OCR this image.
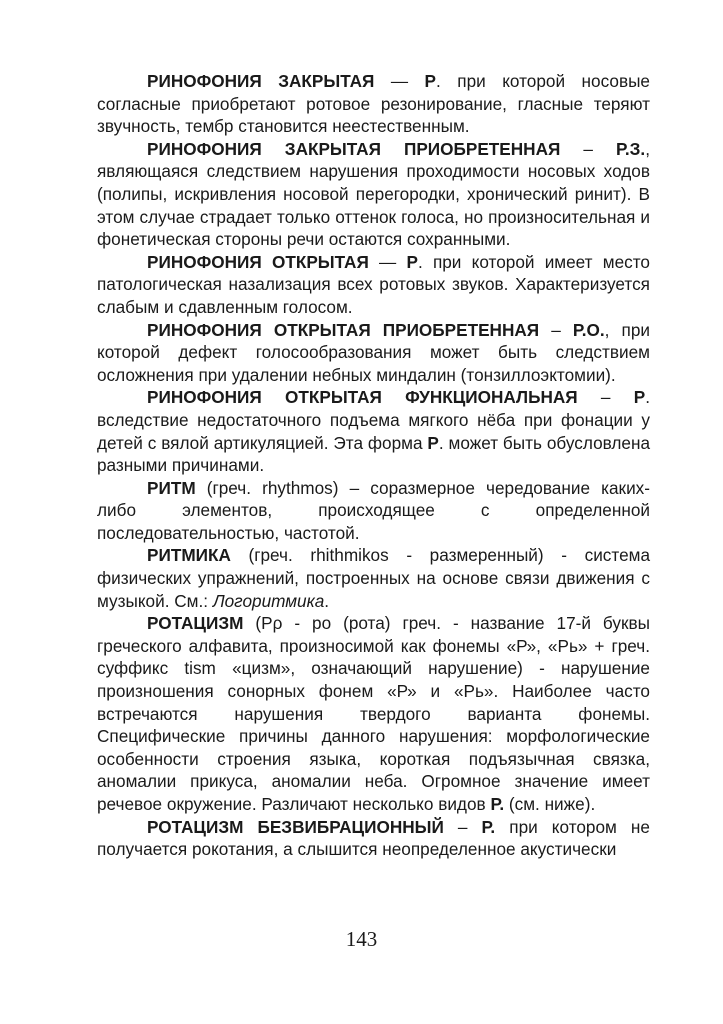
РИНОФОНИЯ ЗАКРЫТАЯ — Р. при которой носовые согласные приобретают ротовое резонирование, гласные теряют звучность, тембр становится неестественным.

РИНОФОНИЯ ЗАКРЫТАЯ ПРИОБРЕТЕННАЯ – Р.З., являющаяся следствием нарушения проходимости носовых ходов (полипы, искривления носовой перегородки, хронический ринит). В этом случае страдает только оттенок голоса, но произносительная и фонетическая стороны речи остаются сохранными.

РИНОФОНИЯ ОТКРЫТАЯ — Р. при которой имеет место патологическая назализация всех ротовых звуков. Характеризуется слабым и сдавленным голосом.

РИНОФОНИЯ ОТКРЫТАЯ ПРИОБРЕТЕННАЯ – Р.О., при которой дефект голосообразования может быть следствием осложнения при удалении небных миндалин (тонзиллоэктомии).

РИНОФОНИЯ ОТКРЫТАЯ ФУНКЦИОНАЛЬНАЯ – Р. вследствие недостаточного подъема мягкого нёба при фонации у детей с вялой артикуляцией. Эта форма Р. может быть обусловлена разными причинами.

РИТМ (греч. rhythmos) – соразмерное чередование каких-либо элементов, происходящее с определенной последовательностью, частотой.

РИТМИКА (греч. rhithmikos - размеренный) - система физических упражнений, построенных на основе связи движения с музыкой. См.: Логоритмика.

РОТАЦИЗМ (Рρ - ро (рота) греч. - название 17-й буквы греческого алфавита, произносимой как фонемы «Р», «Рь» + греч. суффикс tism «цизм», означающий нарушение) - нарушение произношения сонорных фонем «Р» и «Рь». Наиболее часто встречаются нарушения твердого варианта фонемы. Специфические причины данного нарушения: морфологические особенности строения языка, короткая подъязычная связка, аномалии прикуса, аномалии неба. Огромное значение имеет речевое окружение. Различают несколько видов Р. (см. ниже).

РОТАЦИЗМ БЕЗВИБРАЦИОННЫЙ – Р. при котором не получается рокотания, а слышится неопределенное акустически

143
